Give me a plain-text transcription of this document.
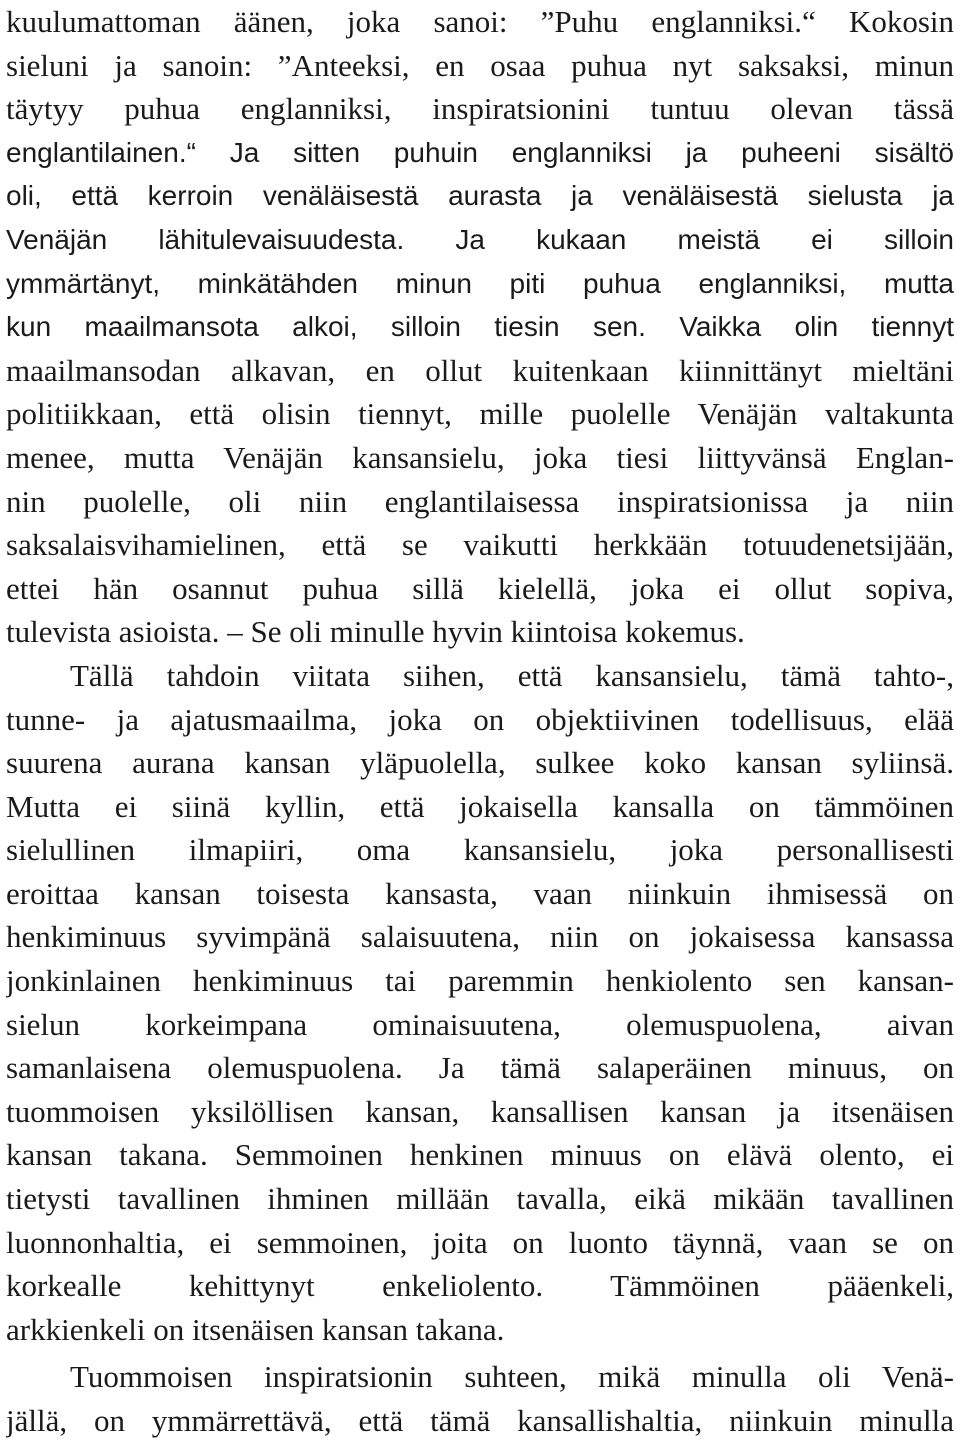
kuulumattoman äänen, joka sanoi: ”Puhu englanniksi.“ Kokosin
sieluni ja sanoin: ”Anteeksi, en osaa puhua nyt saksaksi, minun
täytyy puhua englanniksi, inspiratsionini tuntuu olevan tässä
englantilainen.“ Ja sitten puhuin englanniksi ja puheeni sisältö
oli, että kerroin venäläisestä aurasta ja venäläisestä sielusta ja
Venäjän lähitulevaisuudesta. Ja kukaan meistä ei silloin
ymmärtänyt, minkätähden minun piti puhua englanniksi, mutta
kun maailmansota alkoi, silloin tiesin sen. Vaikka olin tiennyt
maailmansodan alkavan, en ollut kuitenkaan kiinnittänyt mieltäni
politiikkaan, että olisin tiennyt, mille puolelle Venäjän valtakunta
menee, mutta Venäjän kansansielu, joka tiesi liittyvänsä Englan-
nin puolelle, oli niin englantilaisessa inspiratsionissa ja niin
saksalaisvihamielinen, että se vaikutti herkkään totuudenetsijään,
ettei hän osannut puhua sillä kielellä, joka ei ollut sopiva,
tulevista asioista. – Se oli minulle hyvin kiintoisa kokemus.
Tällä tahdoin viitata siihen, että kansansielu, tämä tahto-,
tunne- ja ajatusmaailma, joka on objektiivinen todellisuus, elää
suurena aurana kansan yläpuolella, sulkee koko kansan syliinsä.
Mutta ei siinä kyllin, että jokaisella kansalla on tämmöinen
sielullinen ilmapiiri, oma kansansielu, joka personallisesti
eroittaa kansan toisesta kansasta, vaan niinkuin ihmisessä on
henkiminuus syvimpänä salaisuutena, niin on jokaisessa kansassa
jonkinlainen henkiminuus tai paremmin henkiolento sen kansan-
sielun korkeimpana ominaisuutena, olemuspuolena, aivan
samanlaisena olemuspuolena. Ja tämä salaperäinen minuus, on
tuommoisen yksilöllisen kansan, kansallisen kansan ja itsenäisen
kansan takana. Semmoinen henkinen minuus on elävä olento, ei
tietysti tavallinen ihminen millään tavalla, eikä mikään tavallinen
luonnonhaltia, ei semmoinen, joita on luonto täynnä, vaan se on
korkealle kehittynyt enkeliolento. Tämmöinen pääenkeli,
arkkienkeli on itsenäisen kansan takana.
Tuommoisen inspiratsionin suhteen, mikä minulla oli Venä-
jällä, on ymmärrettävä, että tämä kansallishaltia, niinkuin minulla
